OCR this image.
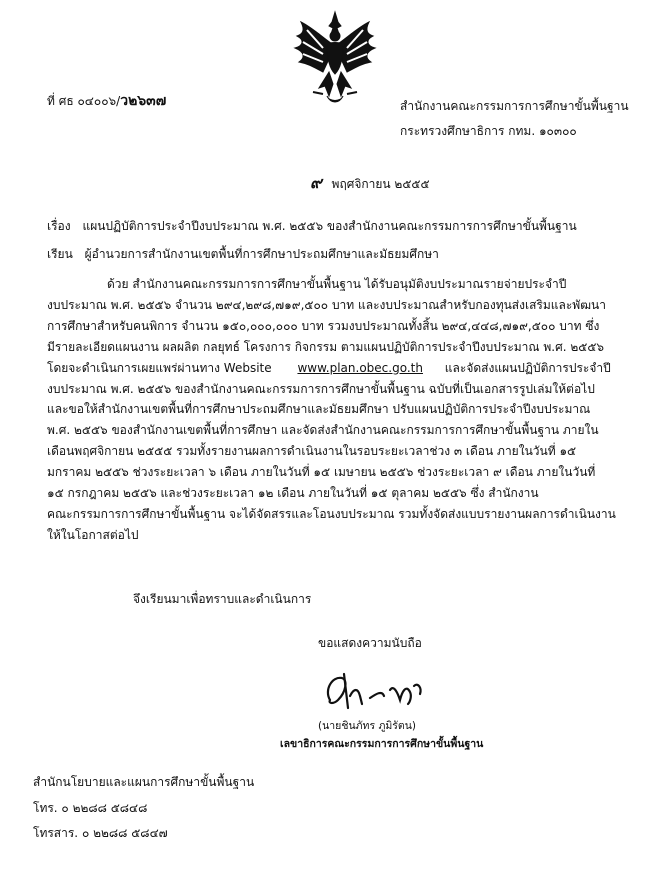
ที่ ศธ ๐๔๐๐๖/ว๒๖๓๗	สำนักงานคณะกรรมการการศึกษาขั้นพื้นฐาน
กระทรวงศึกษาธิการ กทม. ๑๐๓๐๐
๙ พฤศจิกายน ๒๕๕๕
เรื่อง แผนปฏิบัติการประจำปีงบประมาณ พ.ศ. ๒๕๕๖ ของสำนักงานคณะกรรมการการศึกษาขั้นพื้นฐาน
เรียน ผู้อำนวยการสำนักงานเขตพื้นที่การศึกษาประถมศึกษาและมัธยมศึกษา
ด้วย สำนักงานคณะกรรมการการศึกษาขั้นพื้นฐาน ได้รับอนุมัติงบประมาณรายจ่ายประจำปี
งบประมาณ พ.ศ. ๒๕๕๖ จำนวน ๒๙๔,๒๙๘,๗๑๙,๕๐๐ บาท และงบประมาณสำหรับกองทุนส่งเสริมและพัฒนา
การศึกษาสำหรับคนพิการ จำนวน ๑๕๐,๐๐๐,๐๐๐ บาท รวมงบประมาณทั้งสิ้น ๒๙๔,๔๔๘,๗๑๙,๕๐๐ บาท ซึ่ง
มีรายละเอียดแผนงาน ผลผลิต กลยุทธ์ โครงการ กิจกรรม ตามแผนปฏิบัติการประจำปีงบประมาณ พ.ศ. ๒๕๕๖
โดยจะดำเนินการเผยแพร่ผ่านทาง Website www.plan.obec.go.th และจัดส่งแผนปฏิบัติการประจำปี
งบประมาณ พ.ศ. ๒๕๕๖ ของสำนักงานคณะกรรมการการศึกษาขั้นพื้นฐาน ฉบับที่เป็นเอกสารรูปเล่มให้ต่อไป
และขอให้สำนักงานเขตพื้นที่การศึกษาประถมศึกษาและมัธยมศึกษา ปรับแผนปฏิบัติการประจำปีงบประมาณ
พ.ศ. ๒๕๕๖ ของสำนักงานเขตพื้นที่การศึกษา และจัดส่งสำนักงานคณะกรรมการการศึกษาขั้นพื้นฐาน ภายใน
เดือนพฤศจิกายน ๒๕๕๕ รวมทั้งรายงานผลการดำเนินงานในรอบระยะเวลาช่วง ๓ เดือน ภายในวันที่ ๑๕
มกราคม ๒๕๕๖ ช่วงระยะเวลา ๖ เดือน ภายในวันที่ ๑๕ เมษายน ๒๕๕๖ ช่วงระยะเวลา ๙ เดือน ภายในวันที่
๑๕ กรกฎาคม ๒๕๕๖ และช่วงระยะเวลา ๑๒ เดือน ภายในวันที่ ๑๕ ตุลาคม ๒๕๕๖ ซึ่ง สำนักงาน
คณะกรรมการการศึกษาขั้นพื้นฐาน จะได้จัดสรรและโอนงบประมาณ รวมทั้งจัดส่งแบบรายงานผลการดำเนินงาน
ให้ในโอกาสต่อไป
จึงเรียนมาเพื่อทราบและดำเนินการ
ขอแสดงความนับถือ
(นายชินภัทร ภูมิรัตน)
เลขาธิการคณะกรรมการการศึกษาขั้นพื้นฐาน
สำนักนโยบายและแผนการศึกษาขั้นพื้นฐาน
โทร. ๐ ๒๒๘๘ ๕๘๔๘
โทรสาร. ๐ ๒๒๘๘ ๕๘๔๗
